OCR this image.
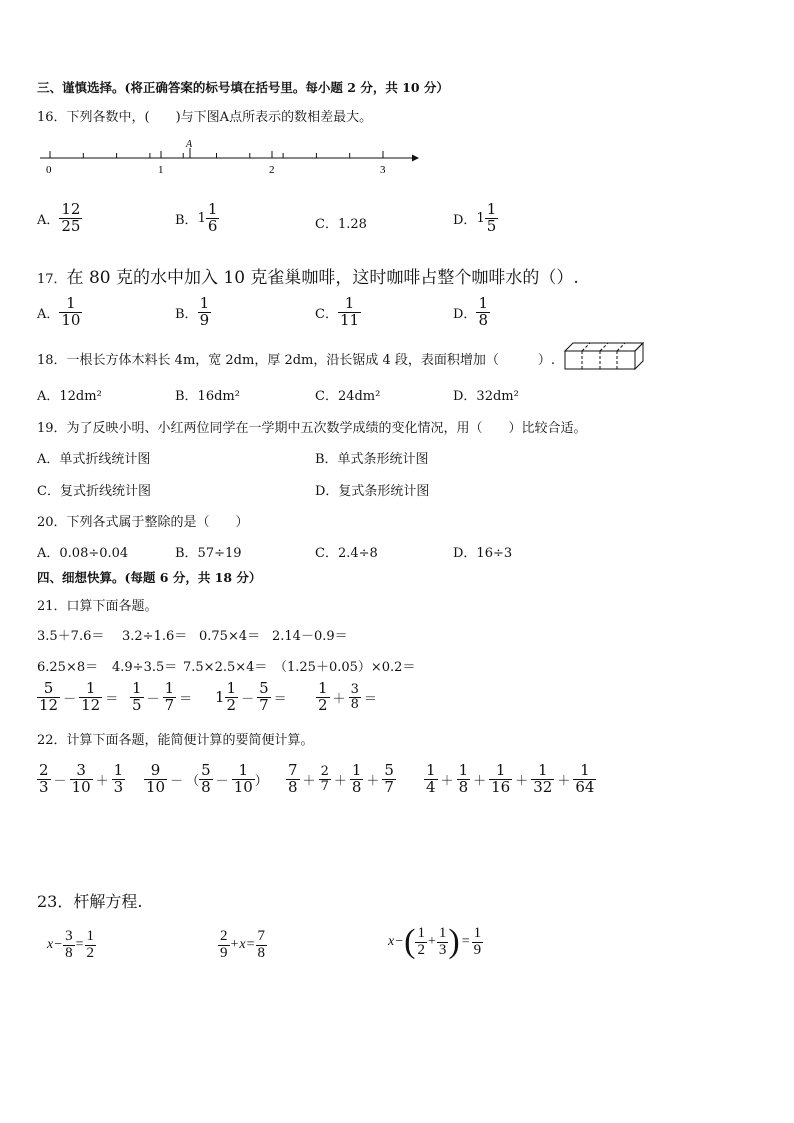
三、谨慎选择。(将正确答案的标号填在括号里。每小题 2 分，共 10 分）
16．下列各数中，(　　)与下图A点所表示的数相差最大。
A
0	1	2	3
A． $\frac{12}{25}$	B． $1 \frac{1}{6}$	C．1.28	D． $1 \frac{1}{5}$
17．在 80 克的水中加入 10 克雀巢咖啡，这时咖啡占整个咖啡水的（）.
A． $\frac{1}{10}$	B． $\frac{1}{9}$	C． $\frac{1}{11}$	D． $\frac{1}{8}$
18．一根长方体木料长 4m，宽 2dm，厚 2dm，沿长锯成 4 段，表面积增加（　　　）.
A．12dm²	B．16dm²	C．24dm²	D．32dm²
19．为了反映小明、小红两位同学在一学期中五次数学成绩的变化情况，用（　　）比较合适。
A．单式折线统计图	B．单式条形统计图
C．复式折线统计图	D．复式条形统计图
20．下列各式属于整除的是（　　）
A．0.08÷0.04	B．57÷19	C．2.4÷8	D．16÷3
四、细想快算。(每题 6 分，共 18 分）
21．口算下面各题。
3.5＋7.6＝ 3.2÷1.6＝ 0.75×4＝ 2.14－0.9＝
6.25×8＝ 4.9÷3.5＝ 7.5×2.5×4＝ （1.25＋0.05）×0.2＝
$\frac{5}{12} - \frac{1}{12} = \frac{1}{5} - \frac{1}{7} = 1 \frac{1}{2} - \frac{5}{7} = \frac{1}{2} + \frac{3}{8}$ ＝
22．计算下面各题，能简便计算的要简便计算。
$\frac{2}{3} - \frac{3}{10} + \frac{1}{3} \frac{9}{10}$ － （ $\frac{5}{8} - \frac{1}{10}$ ） $\frac{7}{8} + \frac{2}{7} + \frac{1}{8} + \frac{5}{7} \frac{1}{4} + \frac{1}{8} + \frac{1}{16} + \frac{1}{32} + \frac{1}{64}$
23．杆解方程.
$x - \frac{3}{8} = \frac{1}{2}$	$\frac{2}{9} + x = \frac{7}{8}$	x − ( $\frac{1}{2} + \frac{1}{3}$ ) = $\frac{1}{9}$
